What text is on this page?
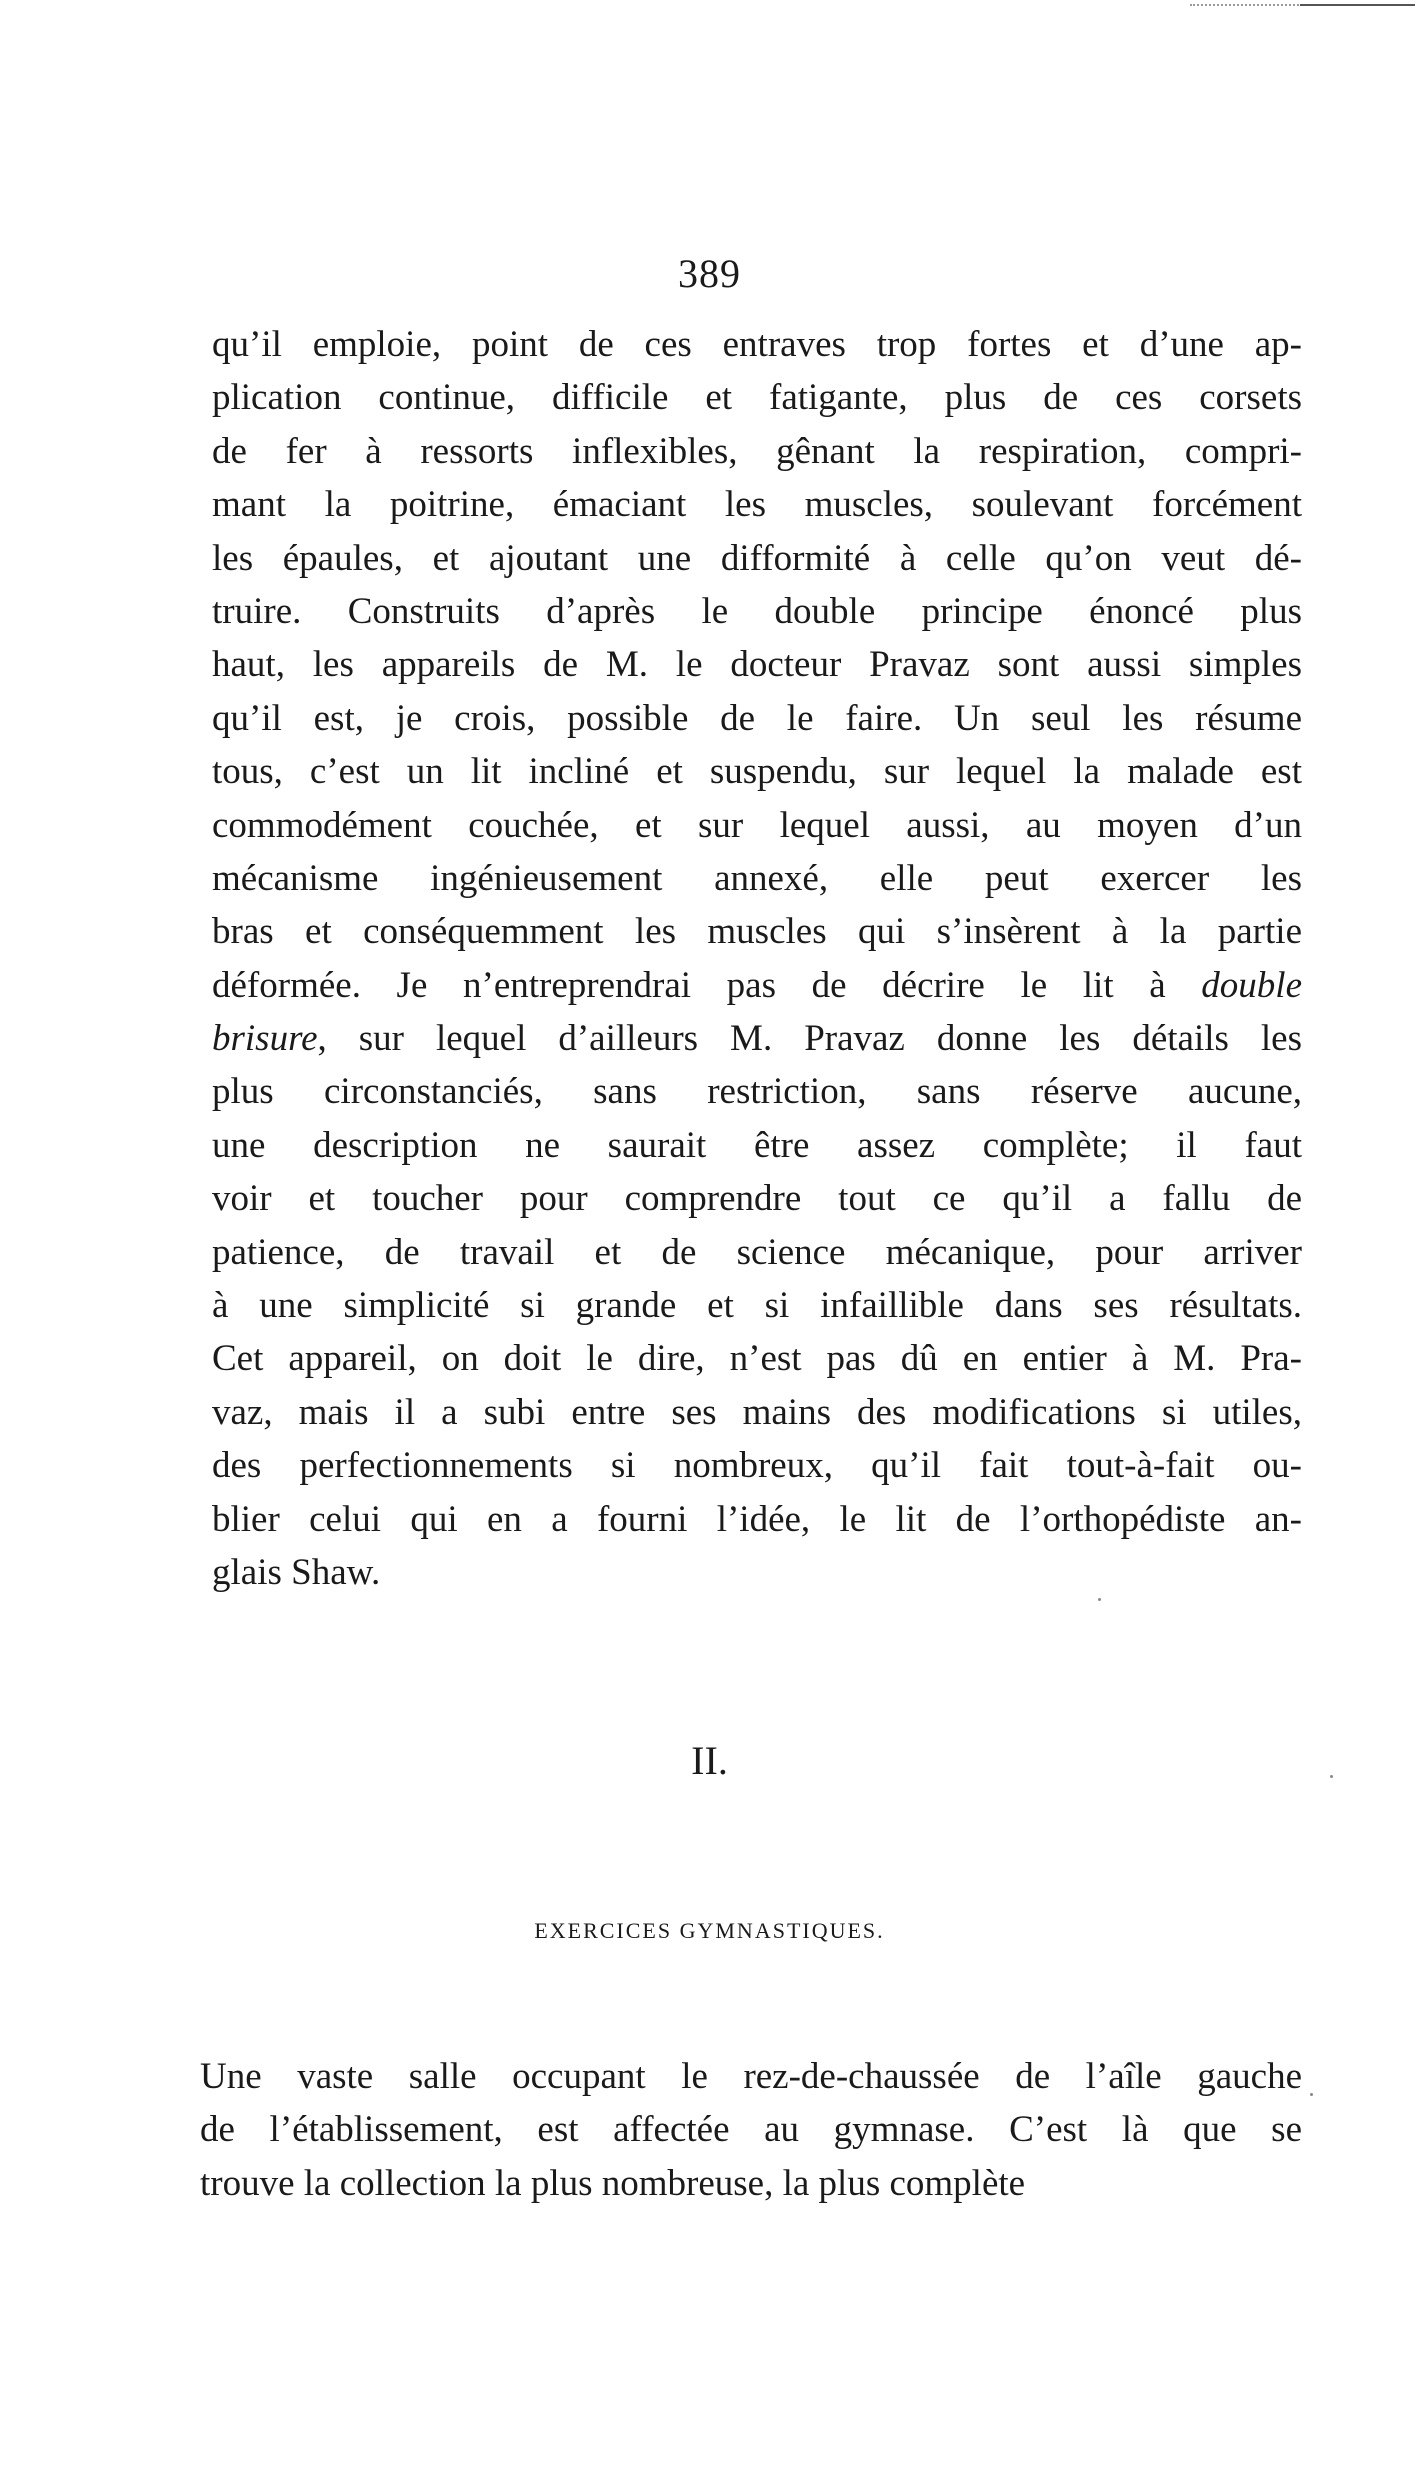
389
qu’il emploie, point de ces entraves trop fortes et d’une ap-
plication continue, difficile et fatigante, plus de ces corsets
de fer à ressorts inflexibles, gênant la respiration, compri-
mant la poitrine, émaciant les muscles, soulevant forcément
les épaules, et ajoutant une difformité à celle qu’on veut dé-
truire. Construits d’après le double principe énoncé plus
haut, les appareils de M. le docteur Pravaz sont aussi simples
qu’il est, je crois, possible de le faire. Un seul les résume
tous, c’est un lit incliné et suspendu, sur lequel la malade est
commodément couchée, et sur lequel aussi, au moyen d’un
mécanisme ingénieusement annexé, elle peut exercer les
bras et conséquemment les muscles qui s’insèrent à la partie
déformée. Je n’entreprendrai pas de décrire le lit à double
brisure, sur lequel d’ailleurs M. Pravaz donne les détails les
plus circonstanciés, sans restriction, sans réserve aucune,
une description ne saurait être assez complète; il faut
voir et toucher pour comprendre tout ce qu’il a fallu de
patience, de travail et de science mécanique, pour arriver
à une simplicité si grande et si infaillible dans ses résultats.
Cet appareil, on doit le dire, n’est pas dû en entier à M. Pra-
vaz, mais il a subi entre ses mains des modifications si utiles,
des perfectionnements si nombreux, qu’il fait tout-à-fait ou-
blier celui qui en a fourni l’idée, le lit de l’orthopédiste an-
glais Shaw.
II.
EXERCICES GYMNASTIQUES.
Une vaste salle occupant le rez-de-chaussée de l’aîle gauche
de l’établissement, est affectée au gymnase. C’est là que se
trouve la collection la plus nombreuse, la plus complète
